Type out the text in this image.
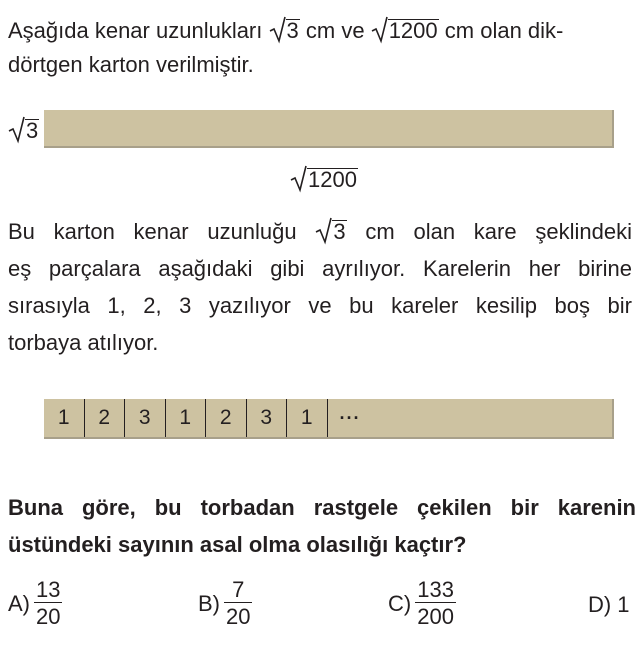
Aşağıda kenar uzunlukları 3 cm ve 1200 cm olan dik-
dörtgen karton verilmiştir.
3
1200
Bu karton kenar uzunluğu 3 cm olan kare şeklindeki
eş parçalara aşağıdaki gibi ayrılıyor. Karelerin her birine
sırasıyla 1, 2, 3 yazılıyor ve bu kareler kesilip boş bir
torbaya atılıyor.
1	2	3	1	2	3	1	···
Buna göre, bu torbadan rastgele çekilen bir karenin
üstündeki sayının asal olma olasılığı kaçtır?
$A) \frac{13}{20}$	$B) \frac{7}{20}$	$C) \frac{133}{200}$	D) 1
